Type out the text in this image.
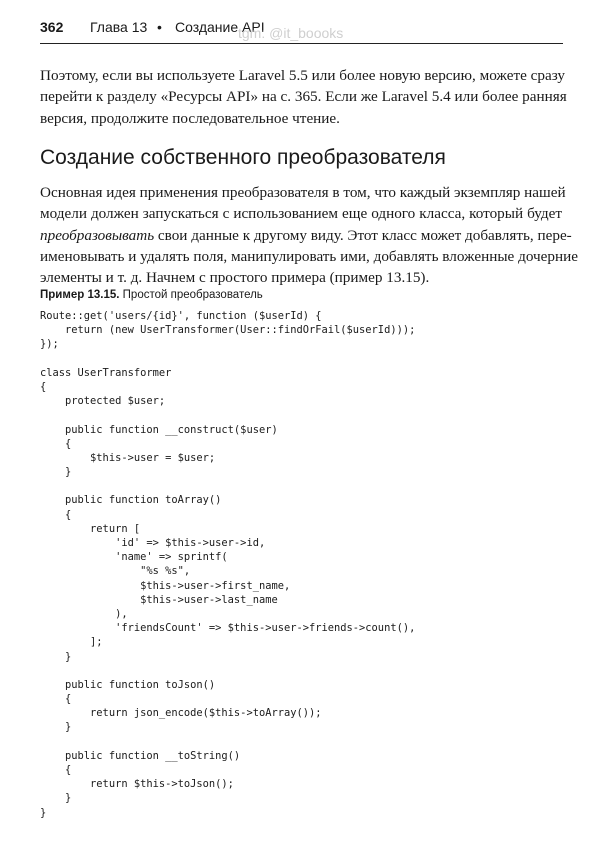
362 Глава 13 • Создание API
tgm: @it_boooks
Поэтому, если вы используете Laravel 5.5 или более новую версию, можете сразу
перейти к разделу «Ресурсы API» на с. 365. Если же Laravel 5.4 или более ранняя
версия, продолжите последовательное чтение.
Создание собственного преобразователя
Основная идея применения преобразователя в том, что каждый экземпляр нашей
модели должен запускаться с использованием еще одного класса, который будет
преобразовывать свои данные к другому виду. Этот класс может добавлять, пере-
именовывать и удалять поля, манипулировать ими, добавлять вложенные дочерние
элементы и т. д. Начнем с простого примера (пример 13.15).
Пример 13.15. Простой преобразователь
Route::get('users/{id}', function ($userId) {
return (new UserTransformer(User::findOrFail($userId)));
});
class UserTransformer
{
protected $user;
public function __construct($user)
{
$this->user = $user;
}
public function toArray()
{
return [
'id' => $this->user->id,
'name' => sprintf(
"%s %s",
$this->user->first_name,
$this->user->last_name
),
'friendsCount' => $this->user->friends->count(),
];
}
public function toJson()
{
return json_encode($this->toArray());
}
public function __toString()
{
return $this->toJson();
}
}
